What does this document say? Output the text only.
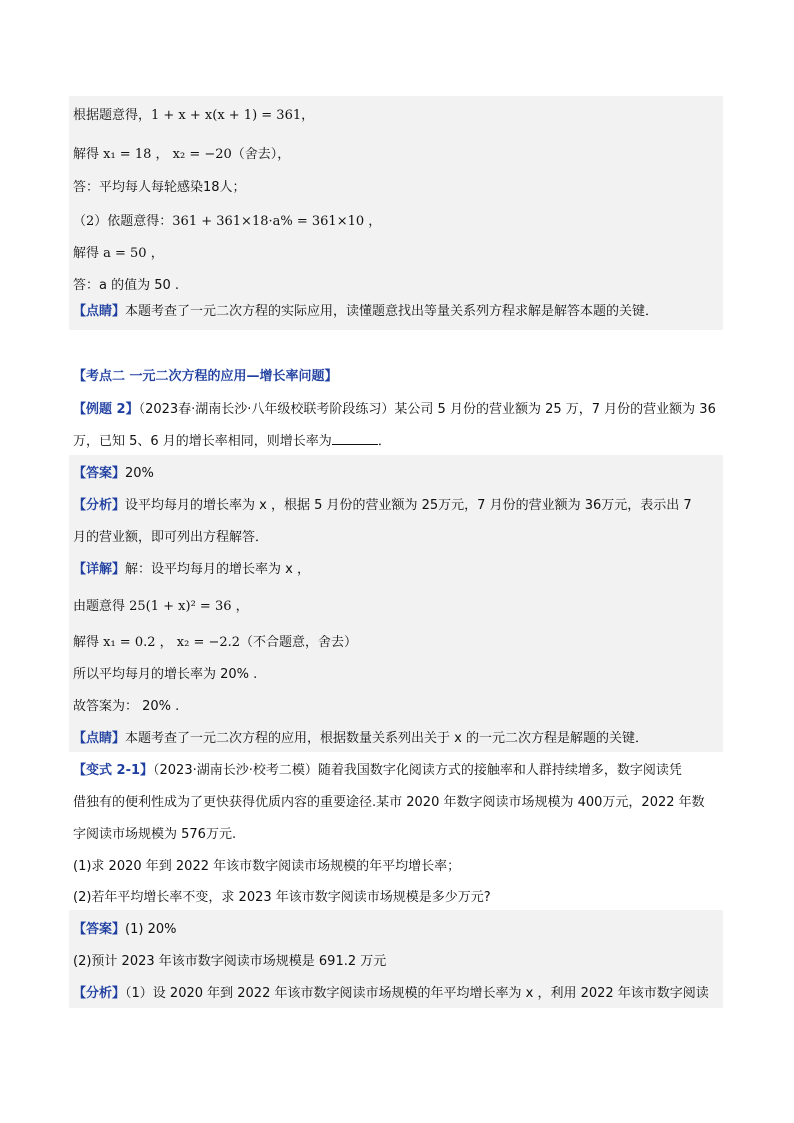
根据题意得，1 + x + x(x + 1) = 361，
解得 x₁ = 18 ， x₂ = −20（舍去），
答：平均每人每轮感染18人；
（2）依题意得：361 + 361×18·a% = 361×10 ，
解得 a = 50 ，
答：a 的值为 50 .
【点睛】本题考查了一元二次方程的实际应用，读懂题意找出等量关系列方程求解是解答本题的关键．
【考点二 一元二次方程的应用—增长率问题】
【例题 2】（2023春·湖南长沙·八年级校联考阶段练习）某公司 5 月份的营业额为 25 万，7 月份的营业额为 36
万，已知 5、6 月的增长率相同，则增长率为	．
【答案】20%
【分析】设平均每月的增长率为 x ，根据 5 月份的营业额为 25万元，7 月份的营业额为 36万元，表示出 7
月的营业额，即可列出方程解答．
【详解】解：设平均每月的增长率为 x ，
由题意得 25(1 + x)² = 36 ，
解得 x₁ = 0.2 ， x₂ = −2.2（不合题意，舍去）
所以平均每月的增长率为 20% .
故答案为： 20% .
【点睛】本题考查了一元二次方程的应用，根据数量关系列出关于 x 的一元二次方程是解题的关键．
【变式 2-1】（2023·湖南长沙·校考二模）随着我国数字化阅读方式的接触率和人群持续增多，数字阅读凭
借独有的便利性成为了更快获得优质内容的重要途径.某市 2020 年数字阅读市场规模为 400万元，2022 年数
字阅读市场规模为 576万元.
(1)求 2020 年到 2022 年该市数字阅读市场规模的年平均增长率；
(2)若年平均增长率不变，求 2023 年该市数字阅读市场规模是多少万元?
【答案】(1) 20%
(2)预计 2023 年该市数字阅读市场规模是 691.2 万元
【分析】（1）设 2020 年到 2022 年该市数字阅读市场规模的年平均增长率为 x ，利用 2022 年该市数字阅读
